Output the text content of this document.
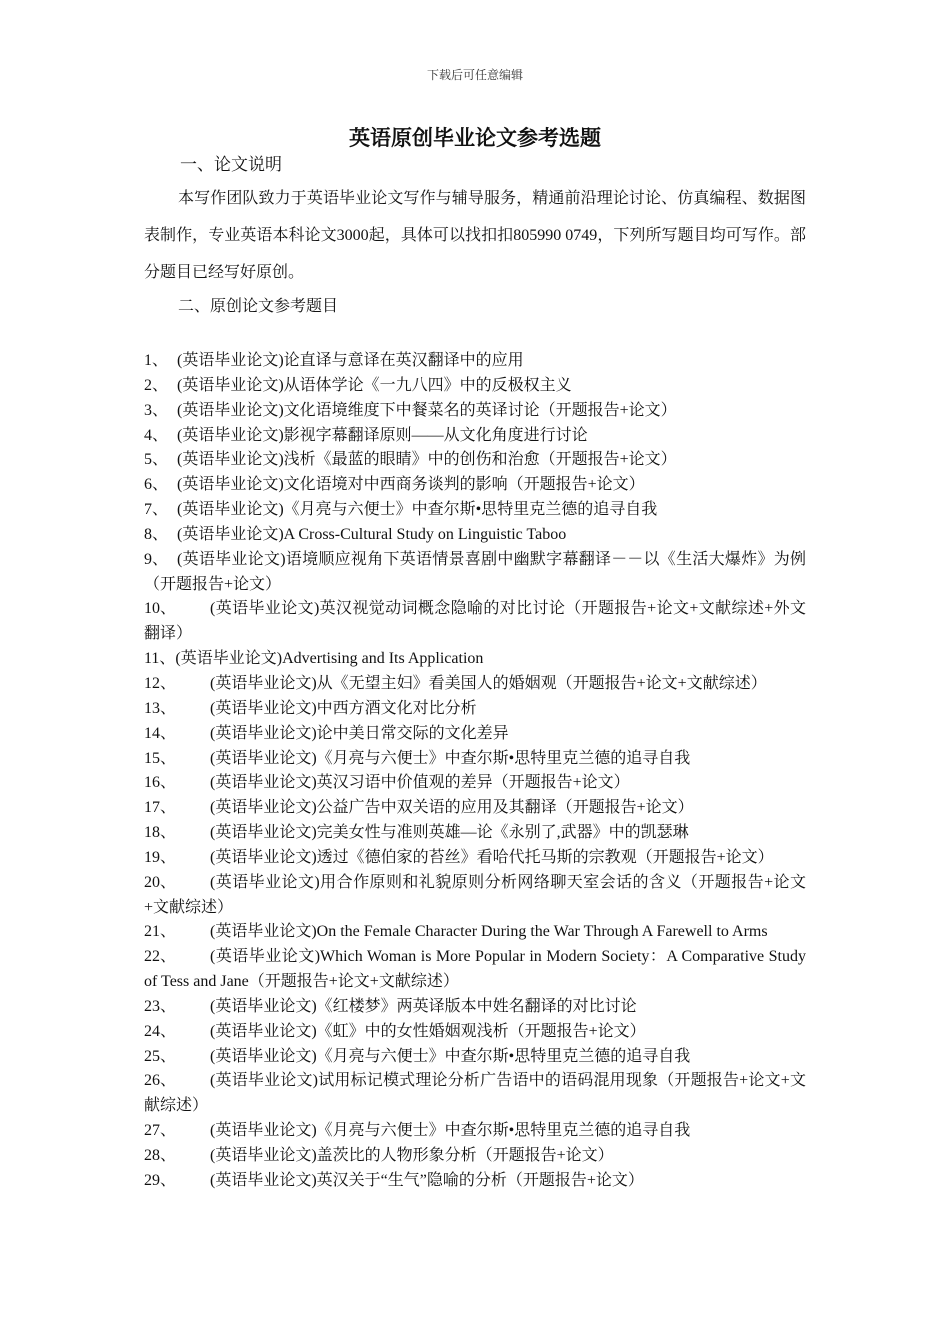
下载后可任意编辑
英语原创毕业论文参考选题
一、论文说明
本写作团队致力于英语毕业论文写作与辅导服务，精通前沿理论讨论、仿真编程、数据图表制作，专业英语本科论文3000起，具体可以找扣扣805990 0749，下列所写题目均可写作。部分题目已经写好原创。
二、原创论文参考题目
1、 (英语毕业论文)论直译与意译在英汉翻译中的应用
2、 (英语毕业论文)从语体学论《一九八四》中的反极权主义
3、 (英语毕业论文)文化语境维度下中餐菜名的英译讨论（开题报告+论文）
4、 (英语毕业论文)影视字幕翻译原则——从文化角度进行讨论
5、 (英语毕业论文)浅析《最蓝的眼睛》中的创伤和治愈（开题报告+论文）
6、 (英语毕业论文)文化语境对中西商务谈判的影响（开题报告+论文）
7、 (英语毕业论文)《月亮与六便士》中查尔斯•思特里克兰德的追寻自我
8、 (英语毕业论文)A Cross-Cultural Study on Linguistic Taboo
9、 (英语毕业论文)语境顺应视角下英语情景喜剧中幽默字幕翻译－－以《生活大爆炸》为例（开题报告+论文）
10、 (英语毕业论文)英汉视觉动词概念隐喻的对比讨论（开题报告+论文+文献综述+外文翻译）
11、(英语毕业论文)Advertising and Its Application
12、 (英语毕业论文)从《无望主妇》看美国人的婚姻观（开题报告+论文+文献综述）
13、 (英语毕业论文)中西方酒文化对比分析
14、 (英语毕业论文)论中美日常交际的文化差异
15、 (英语毕业论文)《月亮与六便士》中查尔斯•思特里克兰德的追寻自我
16、 (英语毕业论文)英汉习语中价值观的差异（开题报告+论文）
17、 (英语毕业论文)公益广告中双关语的应用及其翻译（开题报告+论文）
18、 (英语毕业论文)完美女性与准则英雄—论《永别了,武器》中的凯瑟琳
19、 (英语毕业论文)透过《德伯家的苔丝》看哈代托马斯的宗教观（开题报告+论文）
20、 (英语毕业论文)用合作原则和礼貌原则分析网络聊天室会话的含义（开题报告+论文+文献综述）
21、 (英语毕业论文)On the Female Character During the War Through A Farewell to Arms
22、 (英语毕业论文)Which Woman is More Popular in Modern Society：A Comparative Study of Tess and Jane（开题报告+论文+文献综述）
23、 (英语毕业论文)《红楼梦》两英译版本中姓名翻译的对比讨论
24、 (英语毕业论文)《虹》中的女性婚姻观浅析（开题报告+论文）
25、 (英语毕业论文)《月亮与六便士》中查尔斯•思特里克兰德的追寻自我
26、 (英语毕业论文)试用标记模式理论分析广告语中的语码混用现象（开题报告+论文+文献综述）
27、 (英语毕业论文)《月亮与六便士》中查尔斯•思特里克兰德的追寻自我
28、 (英语毕业论文)盖茨比的人物形象分析（开题报告+论文）
29、 (英语毕业论文)英汉关于“生气”隐喻的分析（开题报告+论文）
